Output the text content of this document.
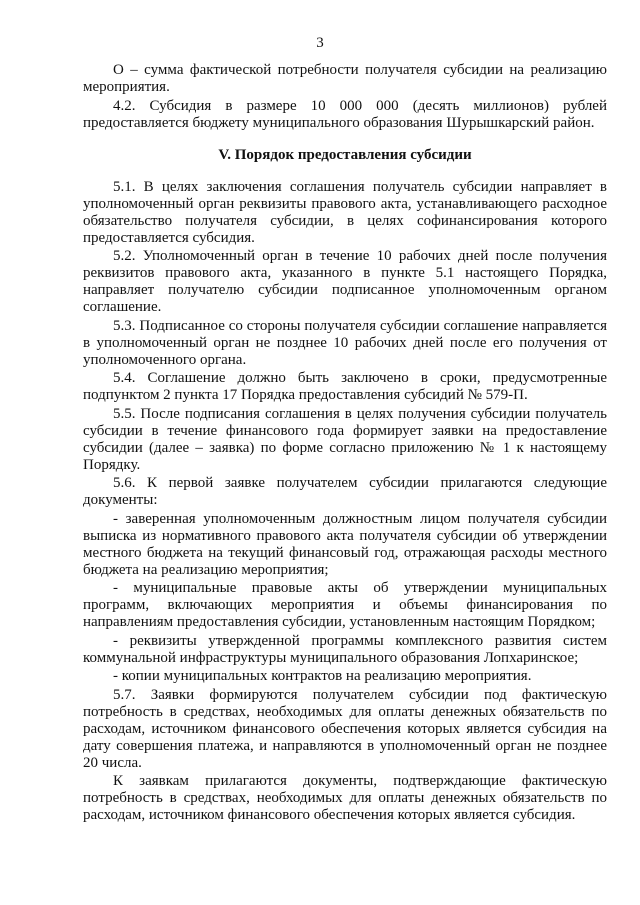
3

О – сумма фактической потребности получателя субсидии на реализацию мероприятия.

4.2. Субсидия в размере 10 000 000 (десять миллионов) рублей предоставляется бюджету муниципального образования Шурышкарский район.

V. Порядок предоставления субсидии

5.1. В целях заключения соглашения получатель субсидии направляет в уполномоченный орган реквизиты правового акта, устанавливающего расходное обязательство получателя субсидии, в целях софинансирования которого предоставляется субсидия.

5.2. Уполномоченный орган в течение 10 рабочих дней после получения реквизитов правового акта, указанного в пункте 5.1 настоящего Порядка, направляет получателю субсидии подписанное уполномоченным органом соглашение.

5.3. Подписанное со стороны получателя субсидии соглашение направляется в уполномоченный орган не позднее 10 рабочих дней после его получения от уполномоченного органа.

5.4. Соглашение должно быть заключено в сроки, предусмотренные подпунктом 2 пункта 17 Порядка предоставления субсидий № 579-П.

5.5. После подписания соглашения в целях получения субсидии получатель субсидии в течение финансового года формирует заявки на предоставление субсидии (далее – заявка) по форме согласно приложению № 1 к настоящему Порядку.

5.6. К первой заявке получателем субсидии прилагаются следующие документы:

- заверенная уполномоченным должностным лицом получателя субсидии выписка из нормативного правового акта получателя субсидии об утверждении местного бюджета на текущий финансовый год, отражающая расходы местного бюджета на реализацию мероприятия;

- муниципальные правовые акты об утверждении муниципальных программ, включающих мероприятия и объемы финансирования по направлениям предоставления субсидии, установленным настоящим Порядком;

- реквизиты утвержденной программы комплексного развития систем коммунальной инфраструктуры муниципального образования Лопхаринское;

- копии муниципальных контрактов на реализацию мероприятия.

5.7. Заявки формируются получателем субсидии под фактическую потребность в средствах, необходимых для оплаты денежных обязательств по расходам, источником финансового обеспечения которых является субсидия на дату совершения платежа, и направляются в уполномоченный орган не позднее 20 числа.

К заявкам прилагаются документы, подтверждающие фактическую потребность в средствах, необходимых для оплаты денежных обязательств по расходам, источником финансового обеспечения которых является субсидия.
